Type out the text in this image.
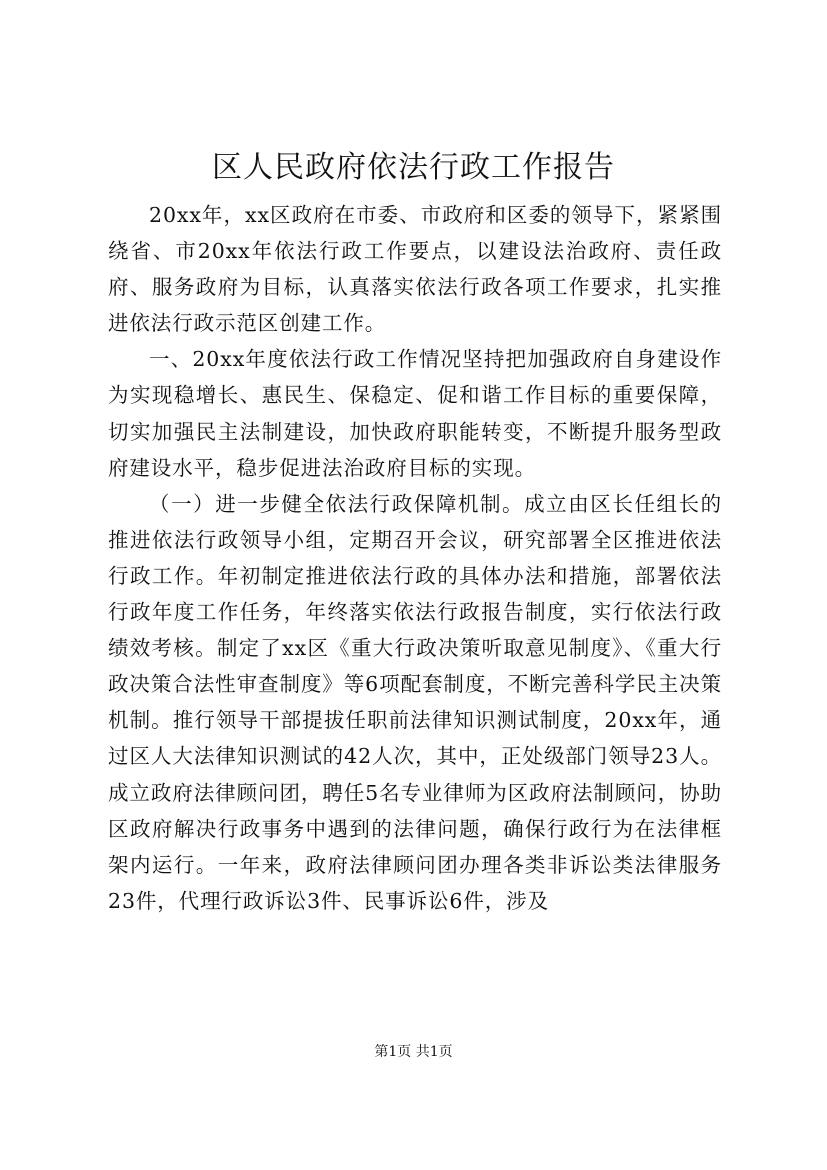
区人民政府依法行政工作报告

20xx年，xx区政府在市委、市政府和区委的领导下，紧紧围绕省、市20xx年依法行政工作要点，以建设法治政府、责任政府、服务政府为目标，认真落实依法行政各项工作要求，扎实推进依法行政示范区创建工作。

一、20xx年度依法行政工作情况坚持把加强政府自身建设作为实现稳增长、惠民生、保稳定、促和谐工作目标的重要保障，切实加强民主法制建设，加快政府职能转变，不断提升服务型政府建设水平，稳步促进法治政府目标的实现。

（一）进一步健全依法行政保障机制。成立由区长任组长的推进依法行政领导小组，定期召开会议，研究部署全区推进依法行政工作。年初制定推进依法行政的具体办法和措施，部署依法行政年度工作任务，年终落实依法行政报告制度，实行依法行政绩效考核。制定了xx区《重大行政决策听取意见制度》、《重大行政决策合法性审查制度》等6项配套制度，不断完善科学民主决策机制。推行领导干部提拔任职前法律知识测试制度，20xx年，通过区人大法律知识测试的42人次，其中，正处级部门领导23人。成立政府法律顾问团，聘任5名专业律师为区政府法制顾问，协助区政府解决行政事务中遇到的法律问题，确保行政行为在法律框架内运行。一年来，政府法律顾问团办理各类非诉讼类法律服务23件，代理行政诉讼3件、民事诉讼6件，涉及

第1页 共1页
